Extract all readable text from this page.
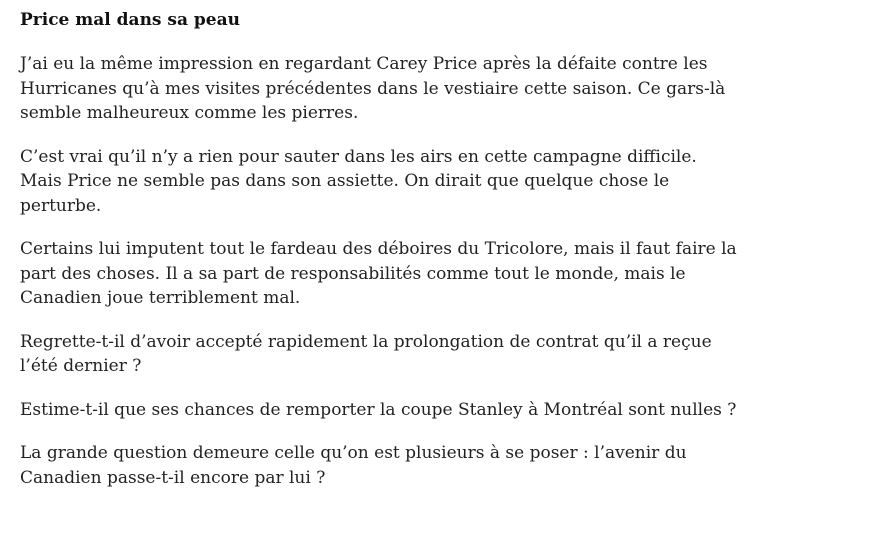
Price mal dans sa peau

J’ai eu la même impression en regardant Carey Price après la défaite contre les Hurricanes qu’à mes visites précédentes dans le vestiaire cette saison. Ce gars-là semble malheureux comme les pierres.

C’est vrai qu’il n’y a rien pour sauter dans les airs en cette campagne difficile. Mais Price ne semble pas dans son assiette. On dirait que quelque chose le perturbe.

Certains lui imputent tout le fardeau des déboires du Tricolore, mais il faut faire la part des choses. Il a sa part de responsabilités comme tout le monde, mais le Canadien joue terriblement mal.

Regrette-t-il d’avoir accepté rapidement la prolongation de contrat qu’il a reçue l’été dernier ?

Estime-t-il que ses chances de remporter la coupe Stanley à Montréal sont nulles ?

La grande question demeure celle qu’on est plusieurs à se poser : l’avenir du Canadien passe-t-il encore par lui ?
